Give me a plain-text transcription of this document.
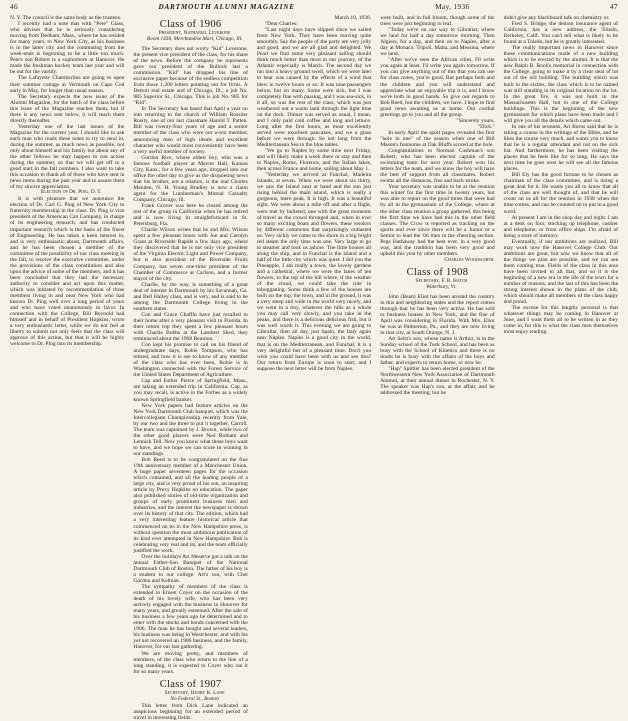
46	DARTMOUTH ALUMNI MAGAZINE	May, 1936	47

N. Y. The council is the same body as the trustees.

I recently had a note that with "Pete" Glass, who advises that he is seriously considering moving from Dedham, Mass., where he has resided for many years, to New York City, as his business is in the latter city and the commuting from the week-ends is beginning to be a little too much. Pete's son Robert is a sophomore at Hanover. He made the freshman hockey team last year and will be out for the varsity.

The Lafayette Chamberlins are going to open their summer cottage at Vermouth on Cape Cod early in May, for longer than usual season.

The Secretary expects the new issue of the Alumni Magazine, for the batch of the class before this issue of the Magazine reaches them, but if there is any news sent below, it will reach them directly thereafter.

Yesterday one of the last issues of the Magazine for the current year, I should like to ask each man who reads these notes to try to send in, during the summer, as much news as possible, not only about himself and his family but about any of the other fellows he may happen to run across during the summer, so that we will get off to a good start in the fall numbers. I also want to take this occasion to thank all of those who have sent in news items during the past year and to assure them of my sincere appreciation.

Election of Dr. Ping, D. T.

It is with pleasure that we announce the election of Dr. Carl G. Ping of New York City to fraternity membership in the class. Dr. Ping is vice president of the American Can Company, in charge of its engineering research, and has conducted important research which is the basis of the finest of Engineering. He has taken a keen interest in, and is very enthusiastic about, Dartmouth affairs, and he has been chosen a member of the committee of the possibility of our class meeting in the fall, to receive the executive committee, under the provisions of the class constitution and also upon the advice of some of the members, and it has been concluded that they had the necessary authority to consider and act upon this matter, which was initiated by recommendation of three members living in and near New York who had known Dr. Ping well over a long period of years and who have voted unanimously in favor. In connection with the College, Bill Reynold had himself and in behalf of President Hopkins, wrote a very enthusiastic letter, while we do not feel at liberty to submit not only feels that the class will approve of this action, but that it will be highly welcome to Dr. Ping into its membership.

Class of 1906

President, Nathaniel Leverone

Room 1436, Merchandise Mart, Chicago, Ill.

The Secretary does not worry "Kid" Leverone, the present vice president of the class, for his share of the news. Before the company he represents gave our president of the Bullock last a commission. "Kid" has dropped his line of exclusive paper because of the endless competition from those 1,200 letters pointing out for firms. A Detroit real estate and of Chicago, Ill., a job No. 985 Superior St., Chicago. This is job No. 985 for "Kid".

In The Secretary has heard that April a year on into returning to the church of William Rossiter Rosity, one of our last classmate Harold T. Patten. Bill was twenty-four years of age and a senior member of the class who were our worst member, announcing men of high ideals and excellent character who would most conveniently have been a very useful member of society.

Gordon Rice, whose eldest boy, who was a famous football player at Mercer Hall, Kansas City, Kans., for a few years ago, dropped into our office the other day to give us the disquieting news that his brother, not a relation, is the real Charles Menden, N. H. Young Bradley is now a claim agent for the Lumberman's Mutual Casualty Company, Chicago, Ill.

Frank Grover was here he closed among the rest of the group in California when he has retired and is now living in straightforward in St. Petersburg, Fla.

Charlie Wilson writes that he and Mrs. Wilson spent a few pleasant hours with Joe and Carolyn Grant at Riverside Rapids a few days ago, where they discovered that he is not only vice president of the Virginia Electric Light and Power Company, but is also president of the Riverside Fruits Company, has seven one-time president of the Chamber of Commerce at Carlson, and a former mayor of the city.

Charlie, by the way, is something of a great deal of interest in Dartmouth by his Savannah, Ga. and Bell Hailey class, and is very, and is said to be among the Dartmouth College living in the southern states.

Con and Grace Chaffin have just recalled to their home after a very pleasant visit to Florida. In their return trip they spent a few pleasant hours with Charlie Bobbs at the Lambert Shed, they reminisced about the 1908 Reunion.

Con kept his promise to call on his friend of undergraduate days, Robie Tompson, who has retired, and how it is see to know of any member of the class who has ever been, Robie is in Washington connected with the Forest Service of the United States Department of Agriculture.

Cap and Esther Pierce of Springfield, Mass., are taking an extended trip in California. Cap, as you may recall, is active in the Forbes as a widely known Springfield banker.

New York papers had feature articles on the New York Dartmouth Club banquet, which was the Intercollegiate Championship recently from Yale, by our two and the three to put it together, Carroll. The team was captained by J. Brown, while two of the other good players were Ned Rotham and Lennick Tell. Now you know what those boys want to have, and we hope we can score in winning in our standings.

Bob Reed is to be congratulated on the fine 19th anniversary member of a Manchester Union. A huge paper seventeen pages for the occasion which contained, and all the leading people of a large city, and is very proud of his son, an inspiring article by Prexy Hopkins on education. The paper also published stories of old-time organization and groups of early prominent business men and industries, and the interest the newspaper is shown over its history of that city. The edition, which had a very interesting feature historical article that commenced on its in the New Hampshire press, is without question the most ambitious publication of its kind ever attempted in New Hampshire. Bob is celebrating very real and its, and the team officially justified the work.

Over the holidays Art Meserve got a talk on the annual Father-Son Banquet of the National Dartmouth Club of Boston. The father of his boy is a student in our college. Art's son, with Chet Gordon and Kelman.

The sympathy of members of the class is extended to Ernest Coyer on the occasion of the death of his lovely wife, who has been very actively engaged with the business in Honover for many years, and greatly esteemed. After the sale of his business a few years ago he determined and to enter with the stocks and bonds concerned with the 1906. The man he has bought and several leaders, his business was being in Westchester, and with his yet not recovered an 1906 business, and the family, Hanover, for our last gathering.

We are moving pretty, and members of members, of the class who return to the line of a long standing, it is expected to Coyer who ran it for so many years.

Class of 1907

Secretary, Henry K. Lane

No Federal St., Boston

This letter from Dick Lane indicated an auspicious beginning for an extended period of travel in interesting fields:

March 10, 1936.

"Dear Charles:

"Last night days have slipped since we sailed from New York. They have been moving quite smoothly. Say the people of the party are very jolly and good, and we are all glad and delighted. We Pearl we find some very pleasant sailing should think much better than most in our journey, of the Atlantic especially is March. The second day we ran into a heavy ground swell, which we were later to hear was caused by the effects of a wind that blew in twelve hours or so. It was nine passengers below, but on many. Some were sick, but I was completely fine with passing, and I was sea-sick, in it all, so was the rest of the class, which was just weathered out a warm land through the light blue on the deck. Dinner was served as usual, I mean, and I only paid cold coffee and long and lettuce. Long after the first hours, as most excellently served were excellent pancakes, and we a glass before we were through. So not long from the Mediterranean Sea to the blue tables.

"We go to Naples by some time next Friday, and will likely make a week there or stay and then to Naples, Rome, Florence, and the Italian lakes, then across France and home, sailing about May 1.

"Yesterday we arrived at Funchal, Madeira Islands, at seven. When we were about six thirty, we saw the Island near at hand and the sun just rising behind the main island, which is really a gorgeous, mere peak. It is high. It was a beautiful sight. We were about a mile off and after a flight, were met by bulleted, one with the great moments of travel as the crowd thronged and, when in ever so many exciting boats and flowers, these vendors by different comments that surprisingly outlasted us. Very sickly we came to the shore in a big bright red steam the only time was one. Very large to go to steamer and took us ashore. The little houses all along the ship, and in Funchal is the island and a half of the little city which was quiet. I did you the Pineapple, I am really a town, the lovely gardens and a cathedral, where we were the lanes of ten flowers, to the top of the hill where, if the weather of the cloud, we could take the ride in tobogganing. Some think a few of the houses are built on the top, the town, and in the ground, it was a very steep and wide in the world very nicely, and we went in a tiny, whatever the hills as a whole you may call very slowly, and you take in the peaks, and there is a delicious delicious fish, but it was well worth it. This evening we are going to Gibraltar, then all day, just Spain, the Italy again near Naples. Naples is a good city in the world, that is on the Mediterranean, and Funchal, it is a very delightful but of a pleasant time. Don't you wish you could have been with us and see this? Our return from Europe is soon to start, and I suppose the next letter will be from Naples.

were built, and in full bloom, though some of the trees were just beginning to leaf.

"Today we're on our way to Gibraltar, where we land for half a day tomorrow morning. Then Algiers, for a day, and then on to Naples, after a day at Monaco. Tripoli, Malta, and Messina, where we land.

"After we've seen the African cities, I'll write you again at least. I'll write you again tomorrow. If you can give anything out of this that you can use for class notes, you're good. But perhaps both and the children and you will understand and appreciate what an enjoyable trip it is, and I know we're both in good hands. So give our regards to Bob Reed, but the children, we have. I hope to find good news awaiting us at home. Our cordial greetings go to you and all the group.

"Sincerely yours,

"Dick."

In early April the sport pages revealed the first "hole in one" of the season when one of Bill Mason's foursome at Oak Bluffs scored at the hole.

Congratulations to Norman Cushman's son Robert, who has been elected captain of the swimming team for next year. Robert won his letters for the team, and we know the boy will have the best of support from all classmates. Robert swims all the distances, free and back stroke.

Your secretary was unable to be at the reunion this winter for the first time in twenty years, but was able to report on the good times that were had by all in the gymnasium of the College, where at the other class reunion a group gathered, this being the first time we have had this in the other field classes. The Crow is reported as tracking on the sports and ever since there will be a Junior or a Senior to lead the '06 men in the cheering section. Pegs Hathaway had the best ever, in a very good way, and the tradition has been very good and upheld this year by other members.

Charles Woodworth.

Class of 1908

Secretary, F. B. Hatch

Waterbury, Vt.

John (Bean) Eliot has been around the country in this and neighboring states and the report comes through that he has been very active. He has sold to business houses in New York, and the fine of April was considering in Florida. With Mrs. Eliot he was at Palmerton, Pa., and they are now living in that city, at South Orange, N. J.

Art Seitz's son, whose name is Arthur, is in the Sunday school of the Tuck School, and has been as busy with the School of Kinetics and there is no doubt he is busy with the affairs of his boys and father, and expects to return home, or now be.

"Hap" Spittler has been elected president of the Northwestern New York Association of Dartmouth Alumni, at their annual dinner in Rochester, N. Y. The speaker was Hap's son, at the affair, and he addressed the meeting, but he

didn't give any blackboard talk on chemistry or.

Fred S. Bridge, the demon insurance agent of California, has a new address, the Toledo, Berkeley, Calif. You can't tell what is likely to be found at a Toledo, but he is greatly interested.

The really important news in Hanover since these communications made of a new building which is to be erected by the alumni. It is that the new Ralph B. Bock's memorial in connection with the College, going to make it by a clear deal of lot out of the old building. The building which was built in the sixties, the class which is to be named was still standing in its original location on the lot. In the great fire, it was not built in the Massachusetts Hall, but in one of the College buildings. This is the beginning of the new gymnasium for which plans have been made and I will give you all the details which came out.

In one of his sermons, Art Burns said that he is taking a course in the writings of the Bible, and he likes the course very much, and wants you to know that he is a regular attendant and not on the sick list. And furthermore, he has been visiting the places that he feels like for so long. He says the next time he goes west he will see all the famous places.

Bill Ely has the good fortune to be chosen as chairman of the class committee, and is doing a great deal for it. He wants you all to know that all of the class are well thought of, and that he will count on us all for the reunion in 1938 when the time comes, and can be counted on to put in a good word.

At present I am in the shop day and night. I am at a desk on four, stocking up telephone, cashier and telephone, or front office ships. I'm afraid of being a store of memory.

Eventually, if our ambitions are realized, Bill may work now the Hanover College Club. Our ambitions are great, but now we know that all of the things we plan are possible, and we can see them coming true. Fields of the class in this area have been invited to all that, and so it is the beginning of a new era in the life of the town for a number of reasons, and the last of this has been the strong interest shown in the plans of the club, which should make all members of the class happy and proud.

The excuse for this lengthy personal is that whatever things may be coming in Hanover at June, and I want them all to be written in as they come in, for this is what the class men themselves most enjoy reading.
